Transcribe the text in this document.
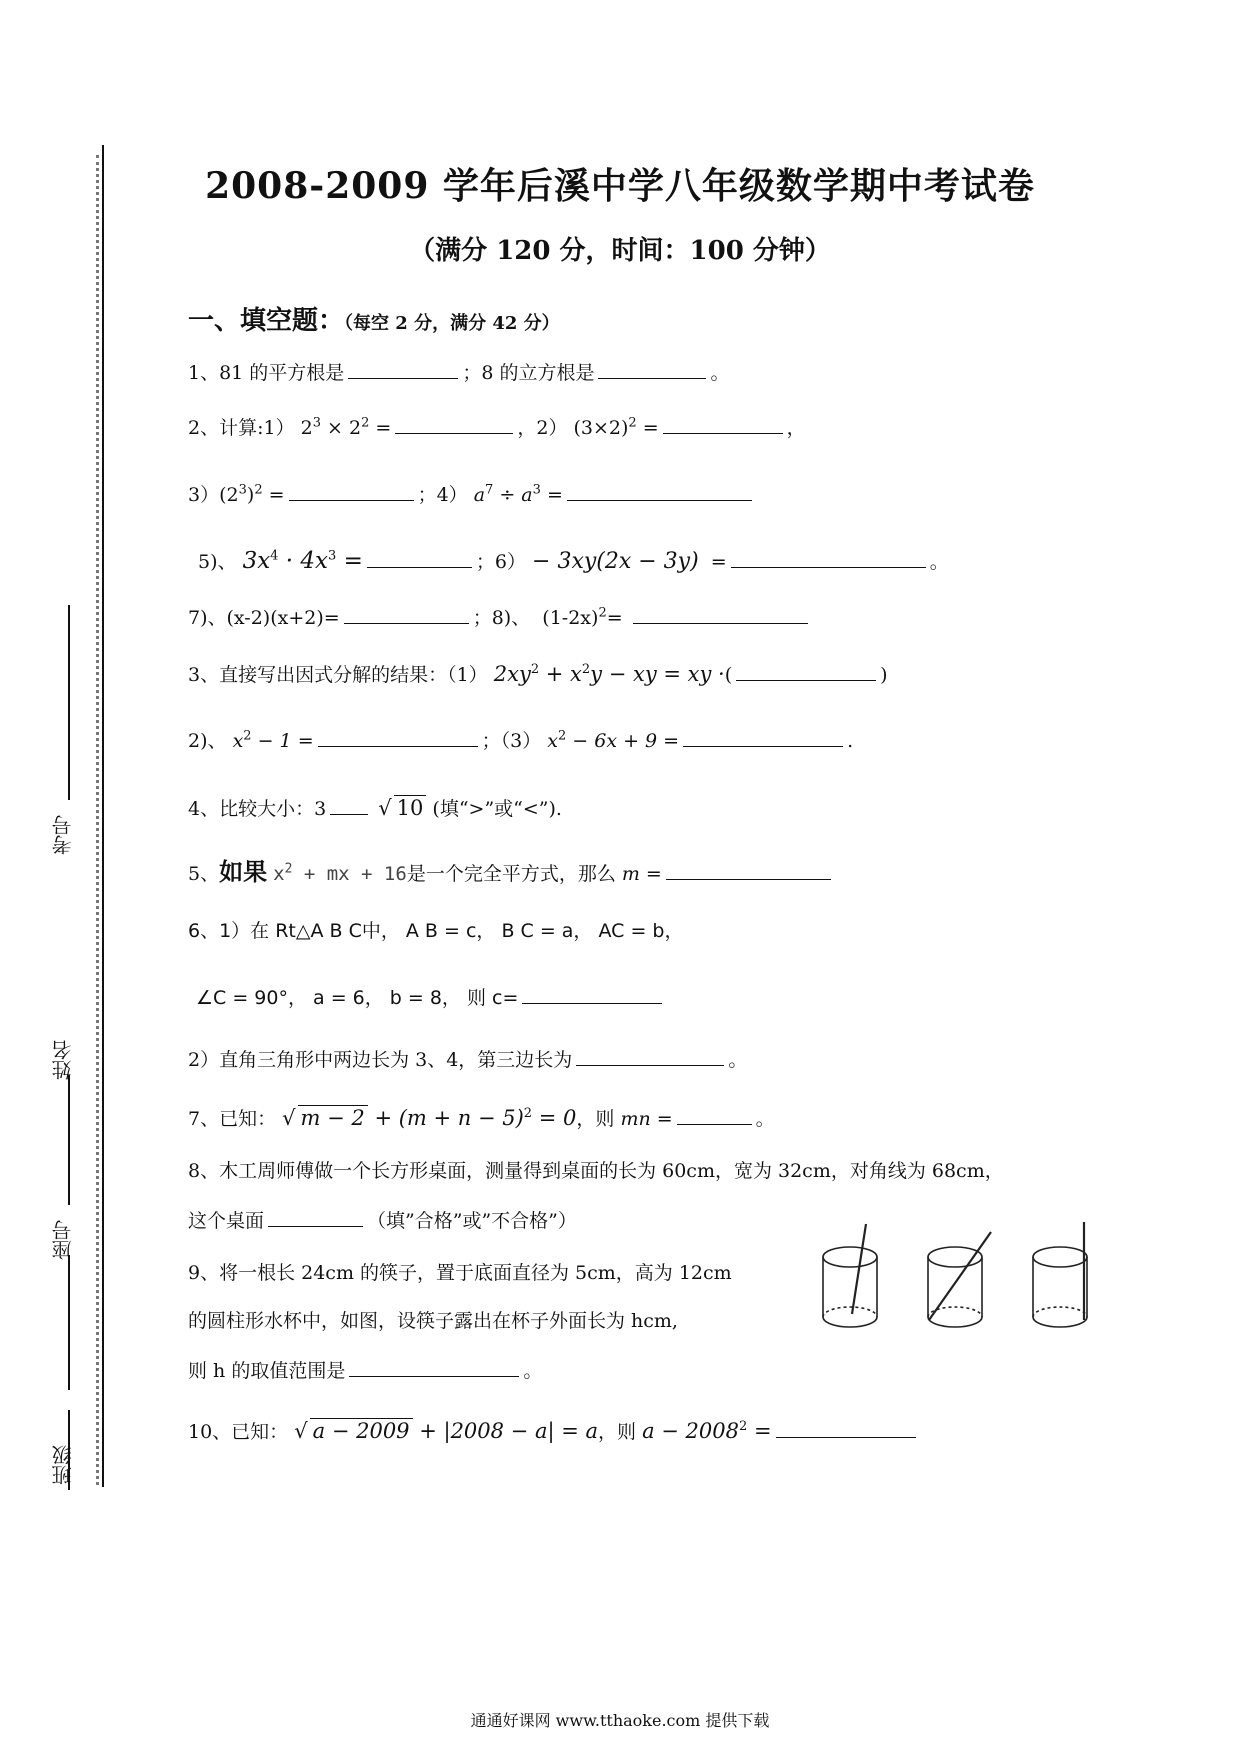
考号
姓名
座号
班级
2008-2009 学年后溪中学八年级数学期中考试卷
（满分 120 分，时间：100 分钟）
一、填空题：（每空 2 分，满分 42 分）
1、81 的平方根是	；8 的立方根是	。
2、计算:1） $2^3 \times 2^2$ =	，2） $(3\times 2)^2$ =	，
$3)(2^3)^2$ =	；4） $a^7 \div a^3$ =
5)、 $3x^4 \cdot 4x^3$ =	；6） − 3xy(2x − 3y)  =	。
7)、(x-2)(x+2)=	；8)、 $(1-2x)^2=$
3、直接写出因式分解的结果：（1） $2xy^2 + x^2y$ − xy = xy ·(	)
2)、 $x^2 - 1$ =	；（3） $x^2 - 6x + 9$ =	.
4、比较大小：3 √ 10 (填“>”或“<”).
5、如果 $x^2$ + mx + 16是一个完全平方式，那么 m =
6、1）在 Rt△A B C中， A B = c， B C = a， AC = b，
∠C = 90°， a = 6， b = 8， 则 c=
2）直角三角形中两边长为 3、4，第三边长为	。
7、已知： √ $m - 2 + (m + n - 5)^2 = 0$，则 mn =	。
8、木工周师傅做一个长方形桌面，测量得到桌面的长为 60cm，宽为 32cm，对角线为 68cm，
这个桌面	（填”合格”或”不合格”）
9、将一根长 24cm 的筷子，置于底面直径为 5cm，高为 12cm
的圆柱形水杯中，如图，设筷子露出在杯子外面长为 hcm,
则 h 的取值范围是	。
10、已知： √ a − 2009 + |2008 − a| = a，则 $a - 2008^2$ =
通通好课网 www.tthaoke.com 提供下载
